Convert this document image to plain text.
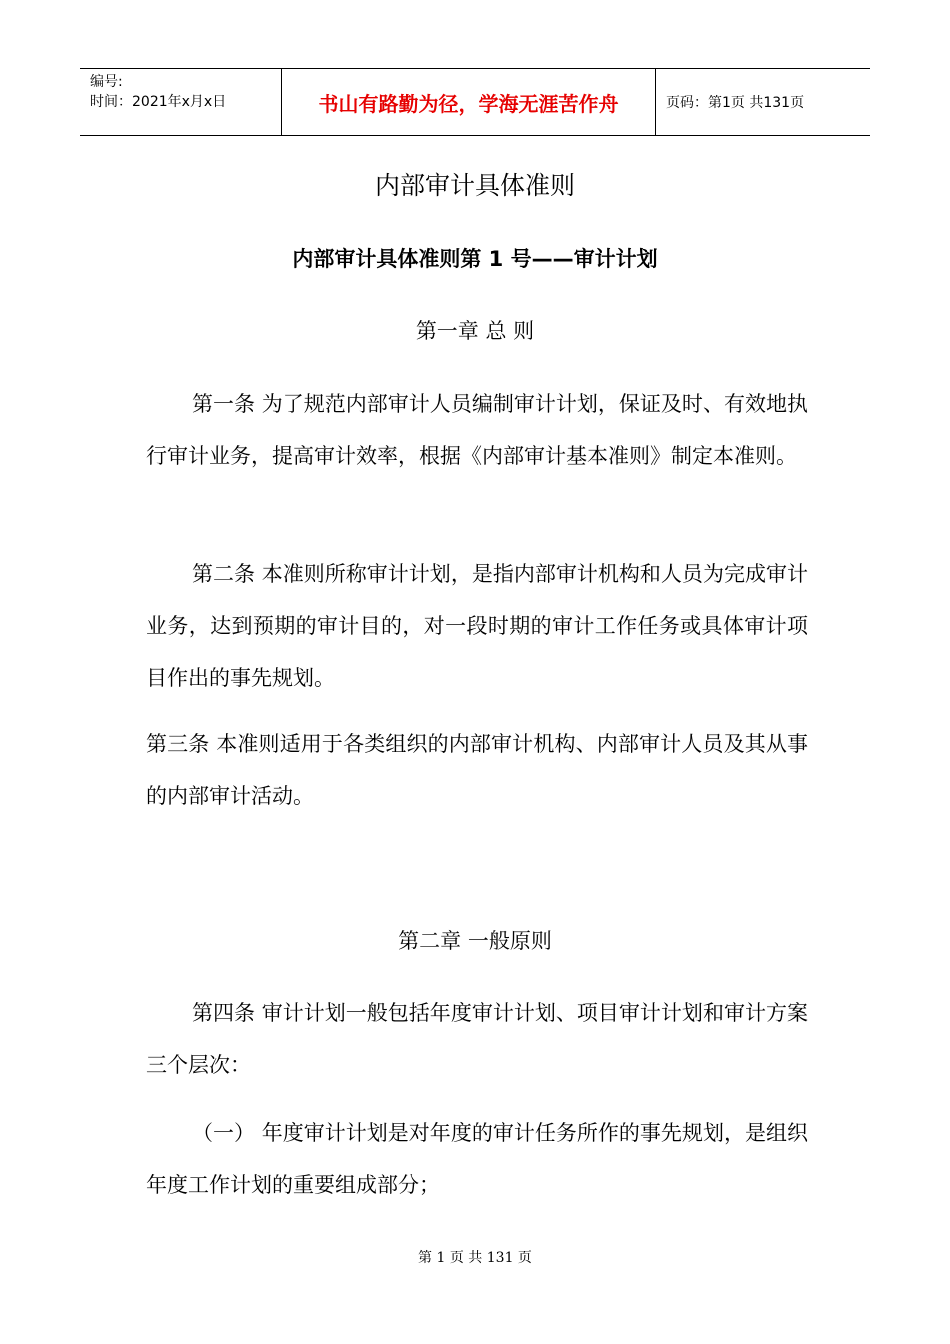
编号:
时间：2021年x月x日	书山有路勤为径，学海无涯苦作舟	页码：第1页 共131页
内部审计具体准则
内部审计具体准则第 1 号——审计计划
第一章 总 则
第一条 为了规范内部审计人员编制审计计划，保证及时、有效地执行审计业务，提高审计效率，根据《内部审计基本准则》制定本准则。
第二条 本准则所称审计计划，是指内部审计机构和人员为完成审计业务，达到预期的审计目的，对一段时期的审计工作任务或具体审计项目作出的事先规划。
第三条 本准则适用于各类组织的内部审计机构、内部审计人员及其从事的内部审计活动。
第二章 一般原则
第四条 审计计划一般包括年度审计计划、项目审计计划和审计方案三个层次：
（一） 年度审计计划是对年度的审计任务所作的事先规划，是组织年度工作计划的重要组成部分；
第 1 页 共 131 页
